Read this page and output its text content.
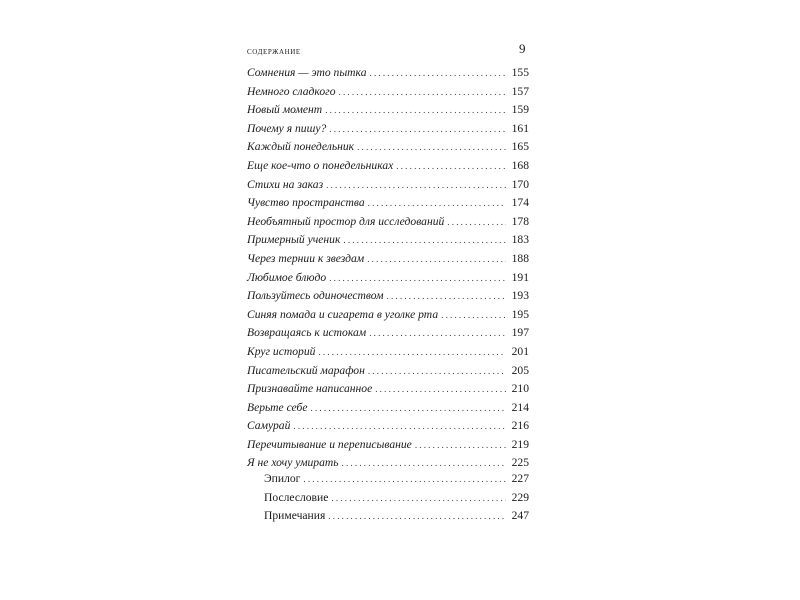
содержание	9
Сомнения — это пытка .....	155
Немного сладкого .....	157
Новый момент .....	159
Почему я пишу? .....	161
Каждый понедельник .....	165
Еще кое-что о понедельниках .....	168
Стихи на заказ .....	170
Чувство пространства .....	174
Необъятный простор для исследований .....	178
Примерный ученик .....	183
Через тернии к звездам .....	188
Любимое блюдо .....	191
Пользуйтесь одиночеством .....	193
Синяя помада и сигарета в уголке рта .....	195
Возвращаясь к истокам .....	197
Круг историй .....	201
Писательский марафон .....	205
Признавайте написанное .....	210
Верьте себе .....	214
Самурай .....	216
Перечитывание и переписывание .....	219
Я не хочу умирать .....	225
Эпилог .....	227
Послесловие .....	229
Примечания .....	247
